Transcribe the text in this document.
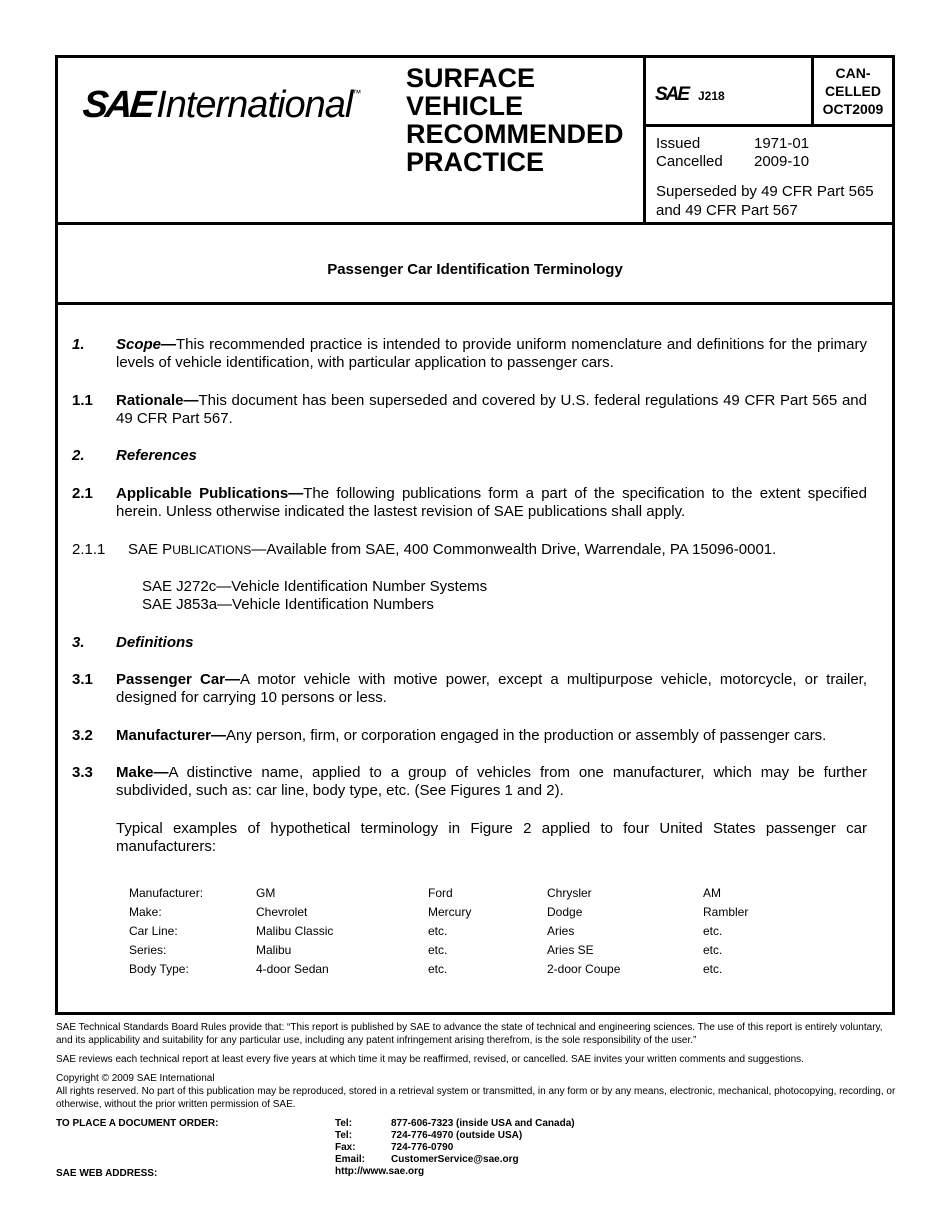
SAEInternational™ SURFACE
VEHICLE
RECOMMENDED
PRACTICE
SAE J218
CAN-
CELLED
OCT2009
Issued	1971-01
Cancelled	2009-10
Superseded by 49 CFR Part 565 and 49 CFR Part 567
Passenger Car Identification Terminology
1. Scope—This recommended practice is intended to provide uniform nomenclature and definitions for the primary levels of vehicle identification, with particular application to passenger cars.
1.1 Rationale—This document has been superseded and covered by U.S. federal regulations 49 CFR Part 565 and 49 CFR Part 567.
2. References
2.1 Applicable Publications—The following publications form a part of the specification to the extent specified herein. Unless otherwise indicated the lastest revision of SAE publications shall apply.
2.1.1 SAE PUBLICATIONS—Available from SAE, 400 Commonwealth Drive, Warrendale, PA 15096-0001.
SAE J272c—Vehicle Identification Number Systems
SAE J853a—Vehicle Identification Numbers
3. Definitions
3.1 Passenger Car—A motor vehicle with motive power, except a multipurpose vehicle, motorcycle, or trailer, designed for carrying 10 persons or less.
3.2 Manufacturer—Any person, firm, or corporation engaged in the production or assembly of passenger cars.
3.3 Make—A distinctive name, applied to a group of vehicles from one manufacturer, which may be further subdivided, such as: car line, body type, etc. (See Figures 1 and 2).
Typical examples of hypothetical terminology in Figure 2 applied to four United States passenger car manufacturers:
Manufacturer:	GM	Ford	Chrysler	AM
Make:	Chevrolet	Mercury	Dodge	Rambler
Car Line:	Malibu Classic	etc.	Aries	etc.
Series:	Malibu	etc.	Aries SE	etc.
Body Type:	4-door Sedan	etc.	2-door Coupe	etc.
SAE Technical Standards Board Rules provide that: “This report is published by SAE to advance the state of technical and engineering sciences. The use of this report is entirely voluntary, and its applicability and suitability for any particular use, including any patent infringement arising therefrom, is the sole responsibility of the user.”
SAE reviews each technical report at least every five years at which time it may be reaffirmed, revised, or cancelled. SAE invites your written comments and suggestions.
Copyright © 2009 SAE International
All rights reserved. No part of this publication may be reproduced, stored in a retrieval system or transmitted, in any form or by any means, electronic, mechanical, photocopying, recording, or otherwise, without the prior written permission of SAE.
TO PLACE A DOCUMENT ORDER:
SAE WEB ADDRESS:
Tel:	877-606-7323 (inside USA and Canada)
Tel:	724-776-4970 (outside USA)
Fax:	724-776-0790
Email:	CustomerService@sae.org
http://www.sae.org
